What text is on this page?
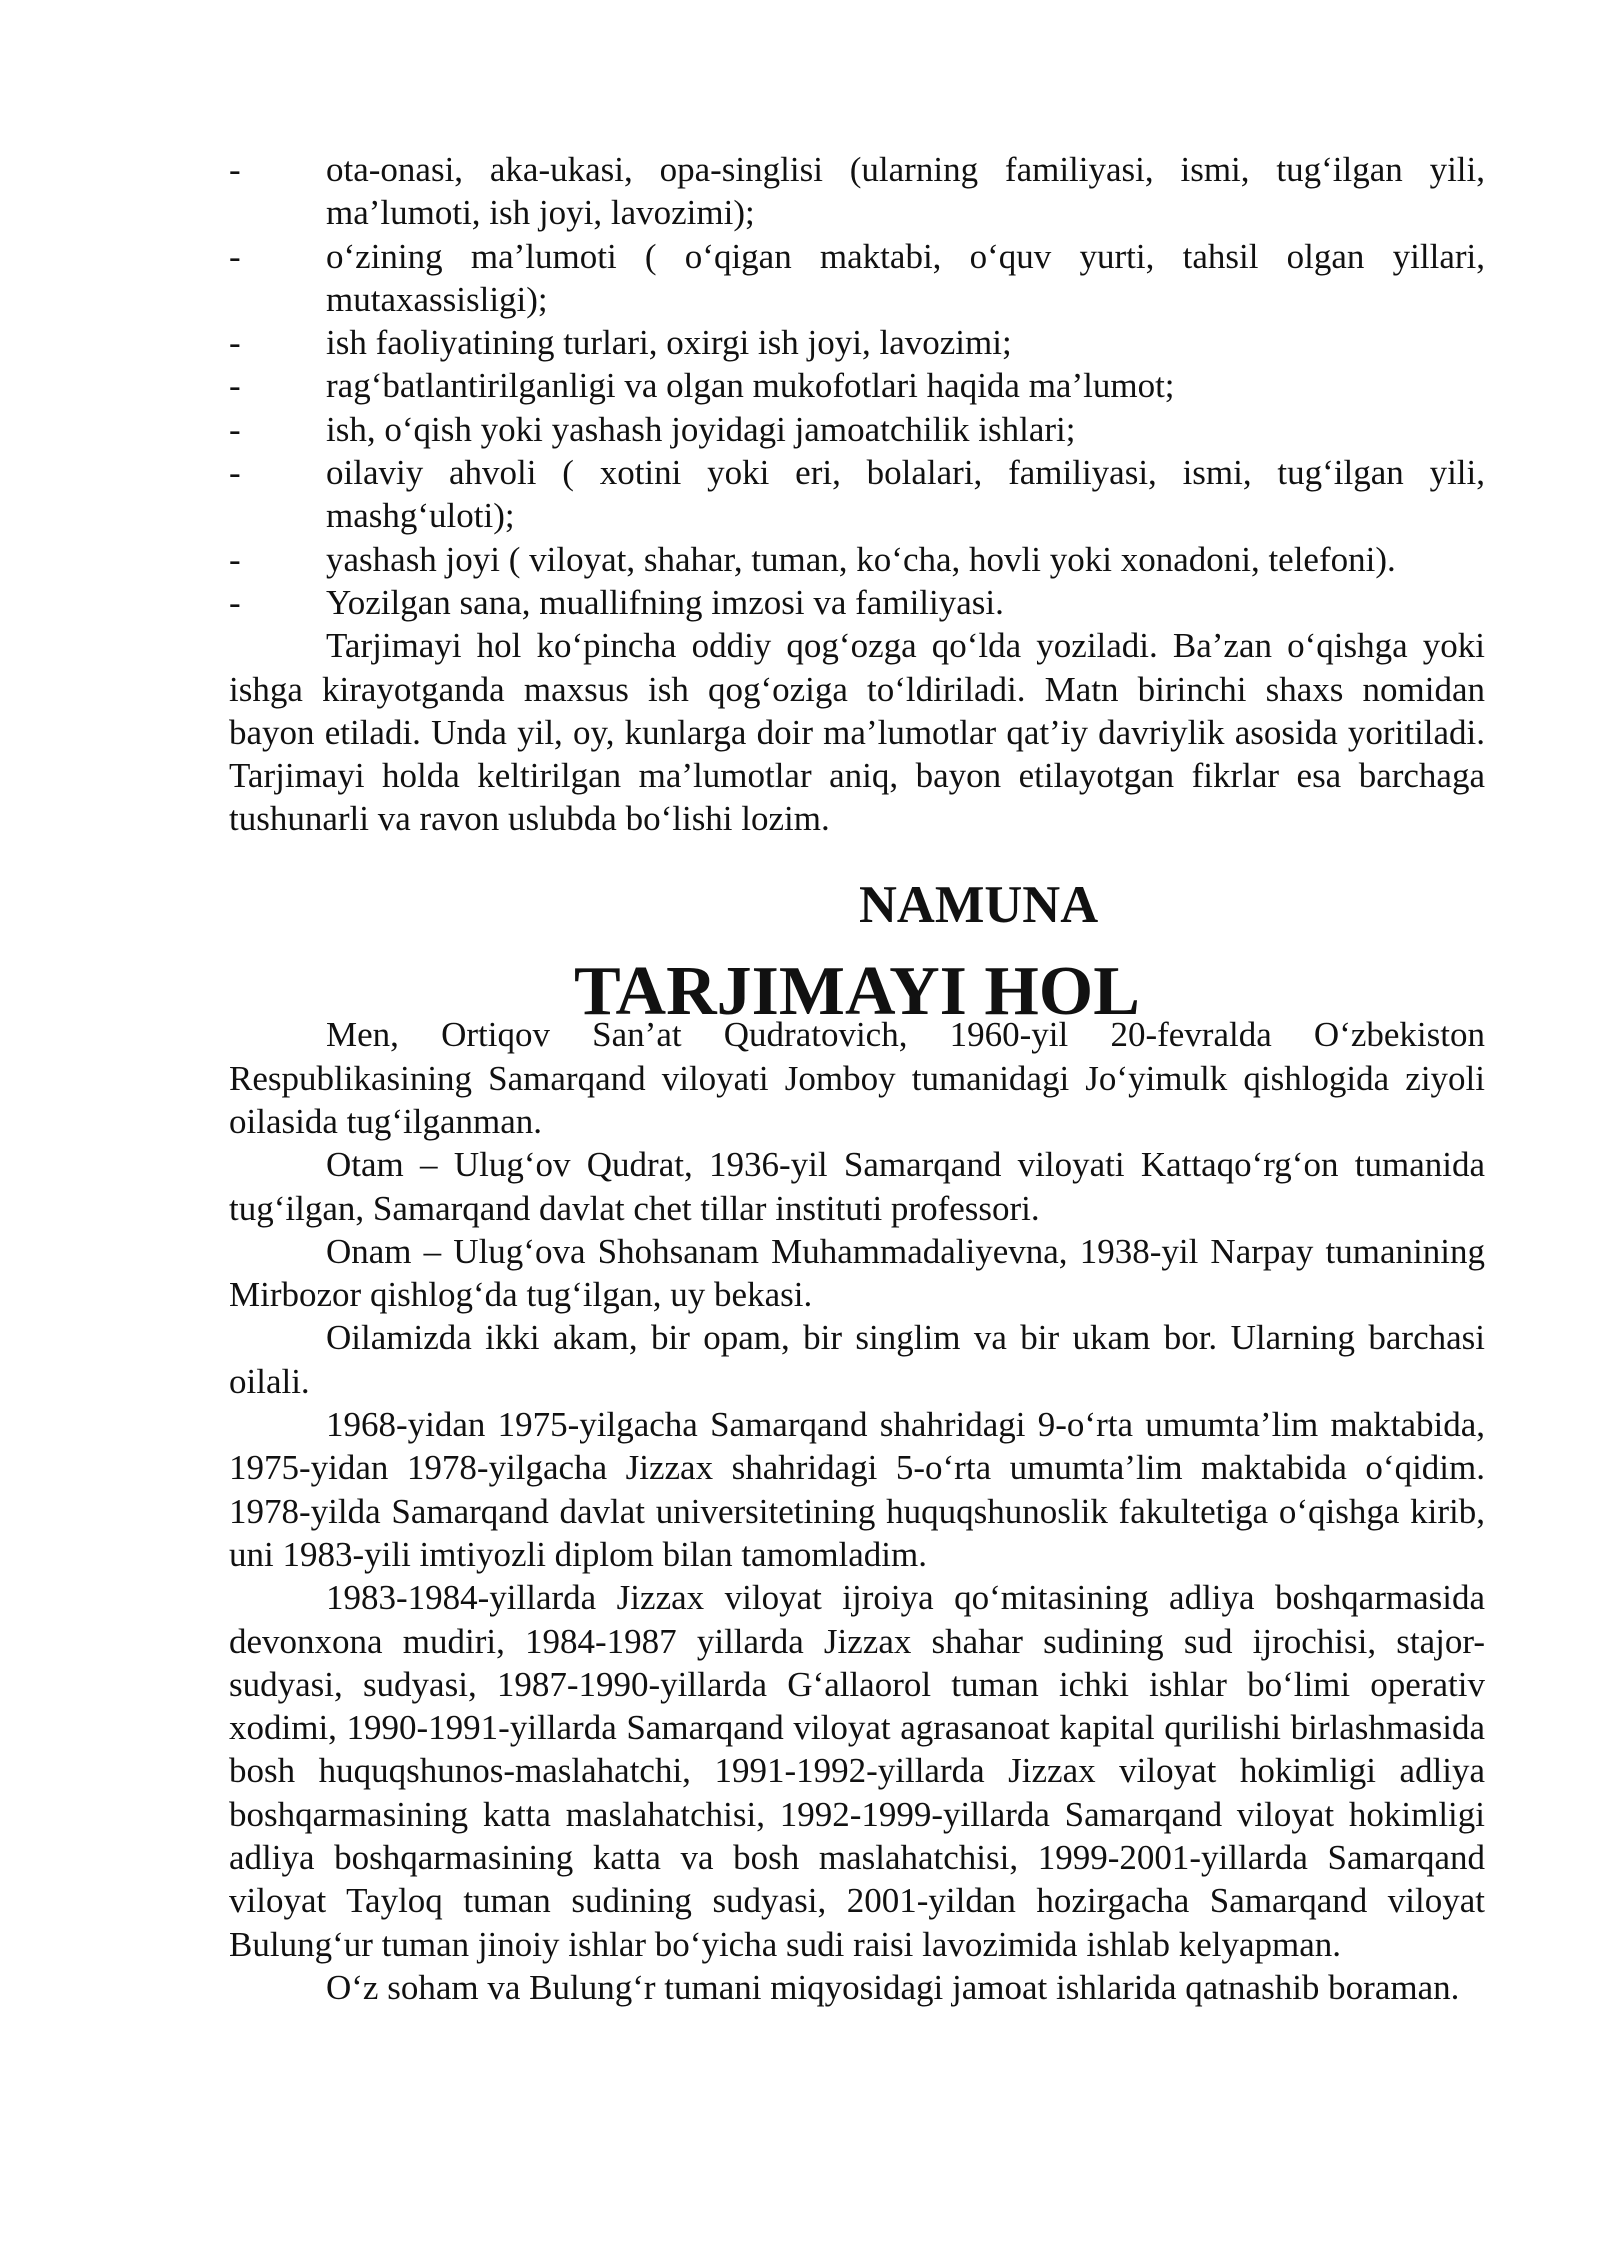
-	ota-onasi, aka-ukasi, opa-singlisi (ularning familiyasi, ismi, tug‘ilgan yili, ma’lumoti, ish joyi, lavozimi);
-	o‘zining ma’lumoti ( o‘qigan maktabi, o‘quv yurti, tahsil olgan yillari, mutaxassisligi);
-	ish faoliyatining turlari, oxirgi ish joyi, lavozimi;
-	rag‘batlantirilganligi va olgan mukofotlari haqida ma’lumot;
-	ish, o‘qish yoki yashash joyidagi jamoatchilik ishlari;
-	oilaviy ahvoli ( xotini yoki eri, bolalari, familiyasi, ismi, tug‘ilgan yili, mashg‘uloti);
-	yashash joyi ( viloyat, shahar, tuman, ko‘cha, hovli yoki xonadoni, telefoni).
-	Yozilgan sana, muallifning imzosi va familiyasi.

Tarjimayi hol ko‘pincha oddiy qog‘ozga qo‘lda yoziladi. Ba’zan o‘qishga yoki ishga kirayotganda maxsus ish qog‘oziga to‘ldiriladi. Matn birinchi shaxs nomidan bayon etiladi. Unda yil, oy, kunlarga doir ma’lumotlar qat’iy davriylik asosida yoritiladi. Tarjimayi holda keltirilgan ma’lumotlar aniq, bayon etilayotgan fikrlar esa barchaga tushunarli va ravon uslubda bo‘lishi lozim.

NAMUNA
TARJIMAYI HOL

Men, Ortiqov San’at Qudratovich, 1960-yil 20-fevralda O‘zbekiston Respublikasining Samarqand viloyati Jomboy tumanidagi Jo‘yimulk qishlogida ziyoli oilasida tug‘ilganman.

Otam – Ulug‘ov Qudrat, 1936-yil Samarqand viloyati Kattaqo‘rg‘on tumanida tug‘ilgan, Samarqand davlat chet tillar instituti professori.

Onam – Ulug‘ova Shohsanam Muhammadaliyevna, 1938-yil Narpay tumanining Mirbozor qishlog‘da tug‘ilgan, uy bekasi.

Oilamizda ikki akam, bir opam, bir singlim va bir ukam bor. Ularning barchasi oilali.

1968-yidan 1975-yilgacha Samarqand shahridagi 9-o‘rta umumta’lim maktabida, 1975-yidan 1978-yilgacha Jizzax shahridagi 5-o‘rta umumta’lim maktabida o‘qidim. 1978-yilda Samarqand davlat universitetining huquqshunoslik fakultetiga o‘qishga kirib, uni 1983-yili imtiyozli diplom bilan tamomladim.

1983-1984-yillarda Jizzax viloyat ijroiya qo‘mitasining adliya boshqarmasida devonxona mudiri, 1984-1987 yillarda Jizzax shahar sudining sud ijrochisi, stajor-sudyasi, sudyasi, 1987-1990-yillarda G‘allaorol tuman ichki ishlar bo‘limi operativ xodimi, 1990-1991-yillarda Samarqand viloyat agrasanoat kapital qurilishi birlashmasida bosh huquqshunos-maslahatchi, 1991-1992-yillarda Jizzax viloyat hokimligi adliya boshqarmasining katta maslahatchisi, 1992-1999-yillarda Samarqand viloyat hokimligi adliya boshqarmasining katta va bosh maslahatchisi, 1999-2001-yillarda Samarqand viloyat Tayloq tuman sudining sudyasi, 2001-yildan hozirgacha Samarqand viloyat Bulung‘ur tuman jinoiy ishlar bo‘yicha sudi raisi lavozimida ishlab kelyapman.

O‘z soham va Bulung‘r tumani miqyosidagi jamoat ishlarida qatnashib boraman.
